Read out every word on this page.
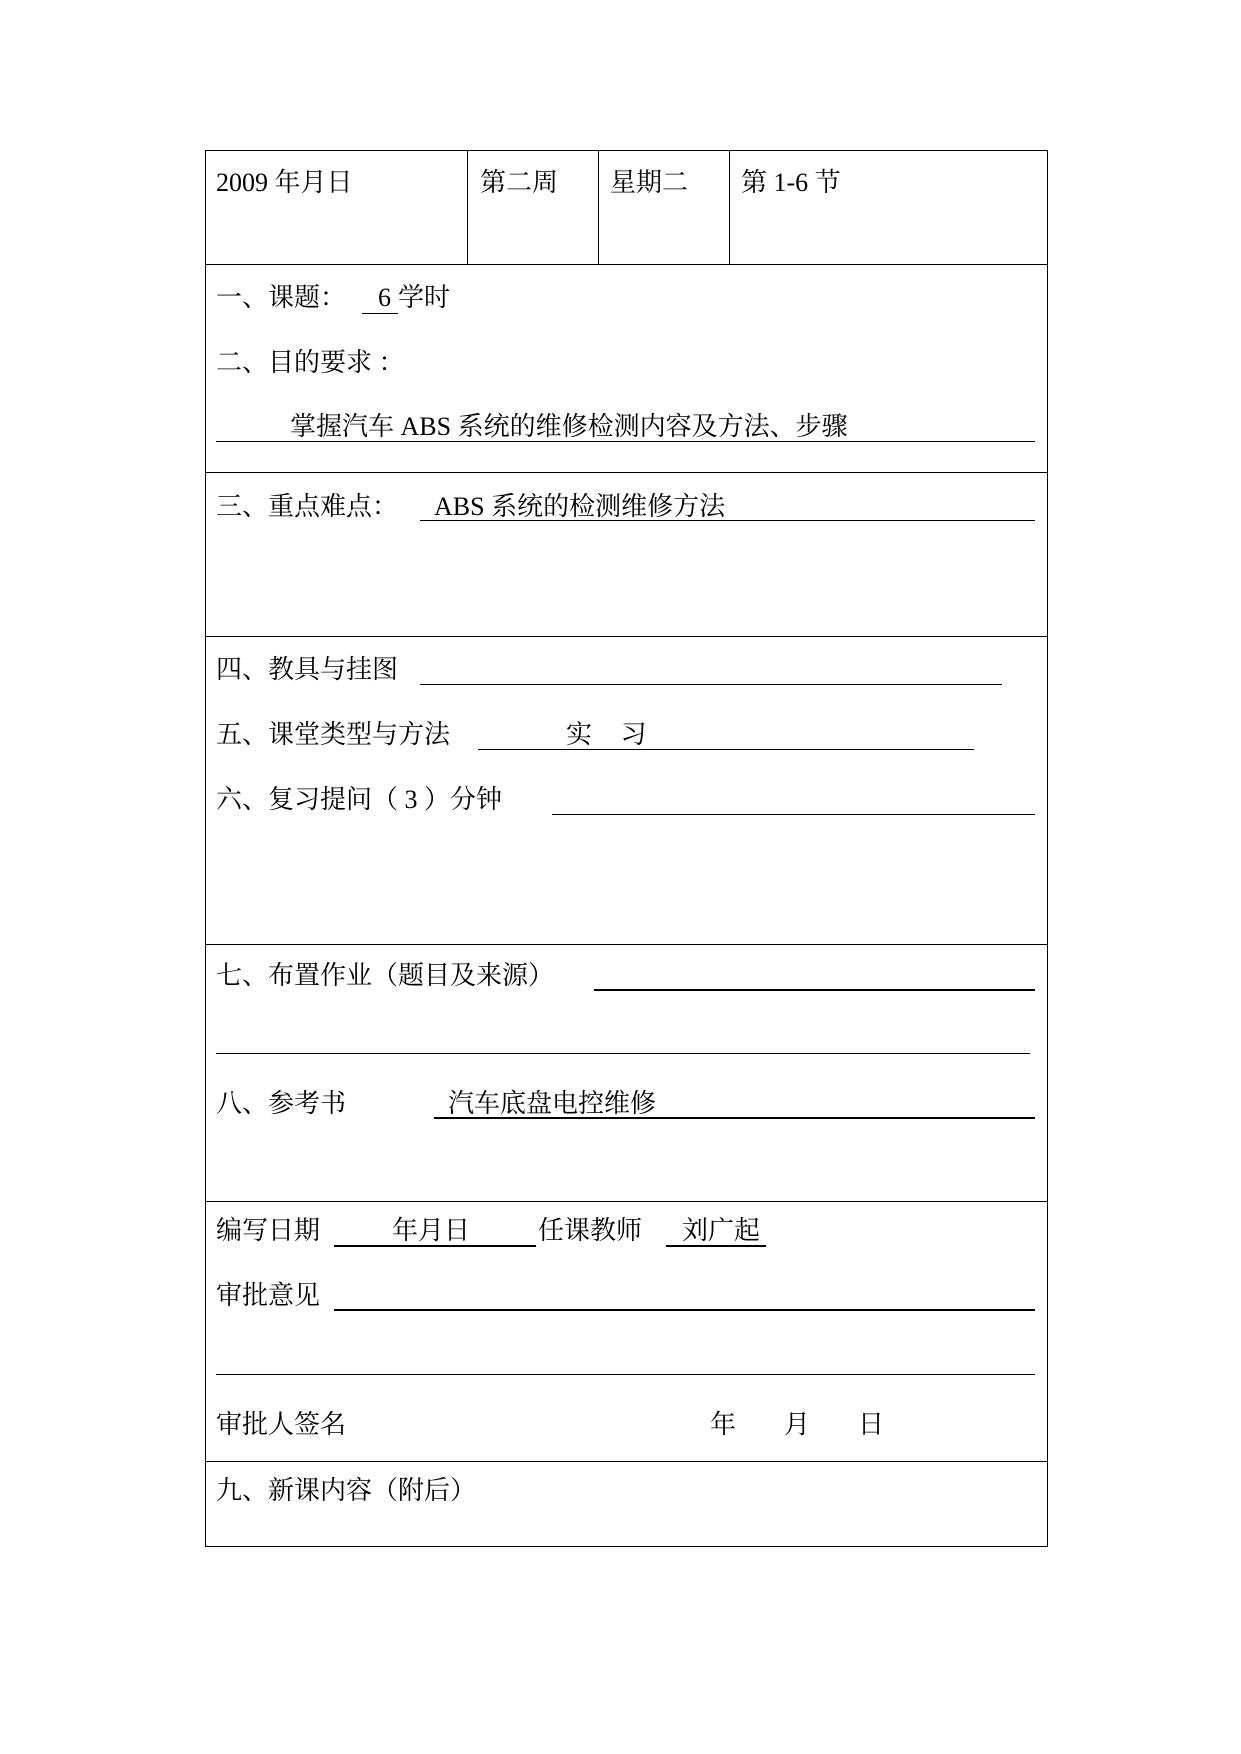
2009 年月日	第二周 星期二 第 1-6 节
一、课题： 6 学时
二、目的要求 ：
掌握汽车 ABS 系统的维修检测内容及方法、步骤
三、重点难点： ABS 系统的检测维修方法
四、教具与挂图
五、课堂类型与方法	实 习
六、复习提问（ 3 ）分钟
七、布置作业（题目及来源）
八、参考书	汽车底盘电控维修
编写日期	年月日	任课教师 刘广起
审批意见
审批人签名	年 月 日
九、新课内容（附后）
